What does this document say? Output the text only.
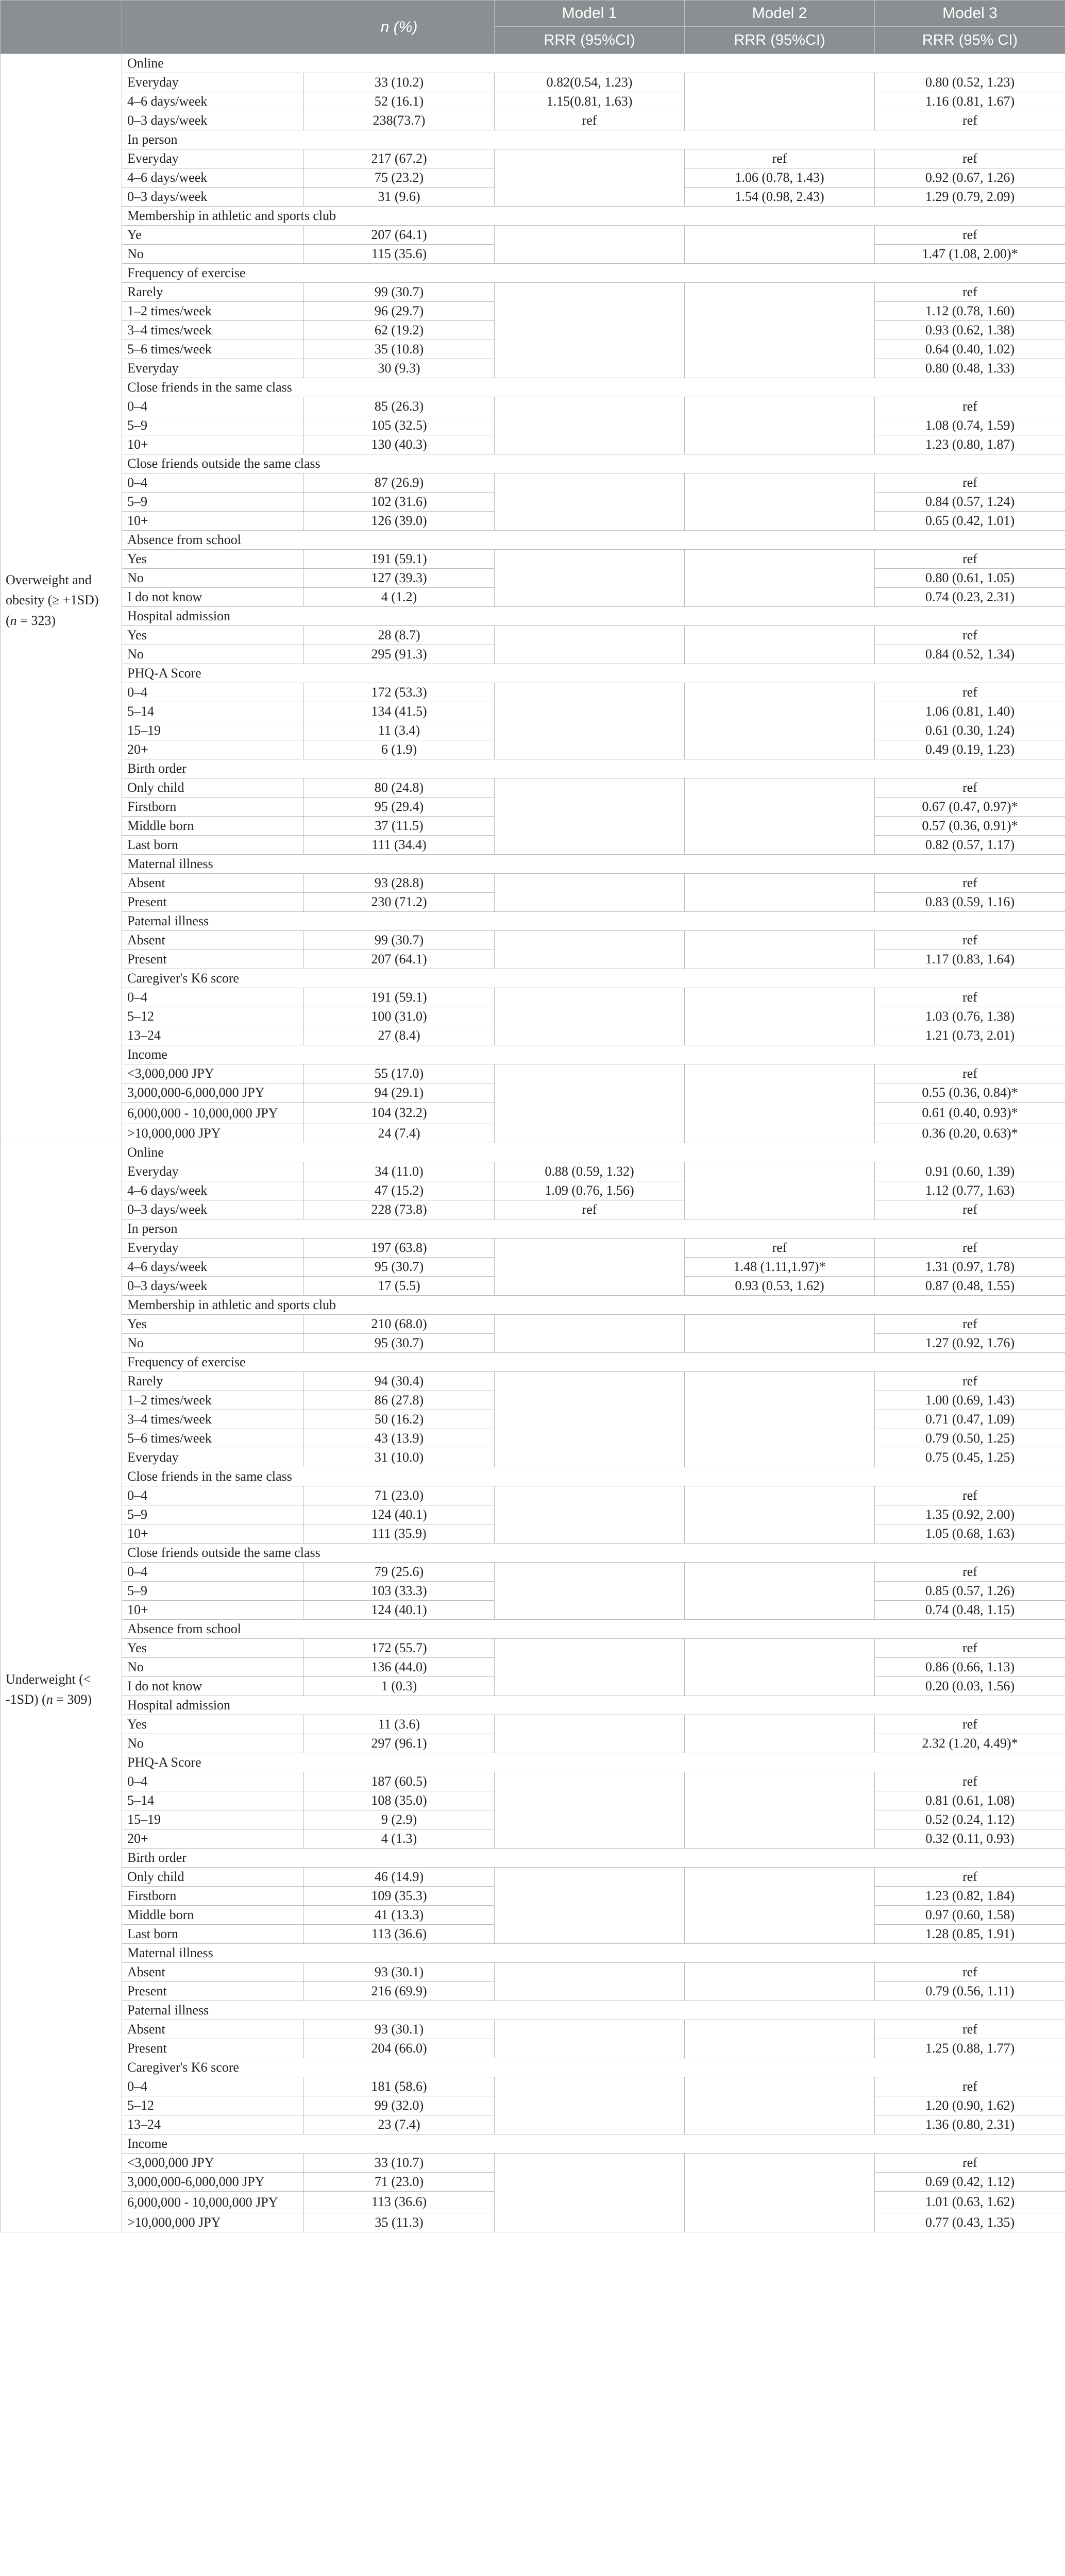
		n (%)	Model 1	Model 2	Model 3
			RRR (95%CI)	RRR (95%CI)	RRR (95% CI)
Overweight and
obesity (≥ +1SD)
(n = 323)	Online				
	Everyday	33 (10.2)	0.82(0.54, 1.23)		0.80 (0.52, 1.23)
	4–6 days/week	52 (16.1)	1.15(0.81, 1.63)		1.16 (0.81, 1.67)
	0–3 days/week	238(73.7)	ref		ref
	In person				
	Everyday	217 (67.2)		ref	ref
	4–6 days/week	75 (23.2)		1.06 (0.78, 1.43)	0.92 (0.67, 1.26)
	0–3 days/week	31 (9.6)		1.54 (0.98, 2.43)	1.29 (0.79, 2.09)
	Membership in athletic and sports club				
	Ye	207 (64.1)			ref
	No	115 (35.6)			1.47 (1.08, 2.00)*
	Frequency of exercise				
	Rarely	99 (30.7)			ref
	1–2 times/week	96 (29.7)			1.12 (0.78, 1.60)
	3–4 times/week	62 (19.2)			0.93 (0.62, 1.38)
	5–6 times/week	35 (10.8)			0.64 (0.40, 1.02)
	Everyday	30 (9.3)			0.80 (0.48, 1.33)
	Close friends in the same class				
	0–4	85 (26.3)			ref
	5–9	105 (32.5)			1.08 (0.74, 1.59)
	10+	130 (40.3)			1.23 (0.80, 1.87)
	Close friends outside the same class				
	0–4	87 (26.9)			ref
	5–9	102 (31.6)			0.84 (0.57, 1.24)
	10+	126 (39.0)			0.65 (0.42, 1.01)
	Absence from school				
	Yes	191 (59.1)			ref
	No	127 (39.3)			0.80 (0.61, 1.05)
	I do not know	4 (1.2)			0.74 (0.23, 2.31)
	Hospital admission				
	Yes	28 (8.7)			ref
	No	295 (91.3)			0.84 (0.52, 1.34)
	PHQ-A Score				
	0–4	172 (53.3)			ref
	5–14	134 (41.5)			1.06 (0.81, 1.40)
	15–19	11 (3.4)			0.61 (0.30, 1.24)
	20+	6 (1.9)			0.49 (0.19, 1.23)
	Birth order				
	Only child	80 (24.8)			ref
	Firstborn	95 (29.4)			0.67 (0.47, 0.97)*
	Middle born	37 (11.5)			0.57 (0.36, 0.91)*
	Last born	111 (34.4)			0.82 (0.57, 1.17)
	Maternal illness				
	Absent	93 (28.8)			ref
	Present	230 (71.2)			0.83 (0.59, 1.16)
	Paternal illness				
	Absent	99 (30.7)			ref
	Present	207 (64.1)			1.17 (0.83, 1.64)
	Caregiver's K6 score				
	0–4	191 (59.1)			ref
	5–12	100 (31.0)			1.03 (0.76, 1.38)
	13–24	27 (8.4)			1.21 (0.73, 2.01)
	Income				
	<3,000,000 JPY	55 (17.0)			ref
	3,000,000-6,000,000 JPY	94 (29.1)			0.55 (0.36, 0.84)*
	6,000,000 - 10,000,000 JPY	104 (32.2)			0.61 (0.40, 0.93)*
	>10,000,000 JPY	24 (7.4)			0.36 (0.20, 0.63)*
Underweight (<
-1SD) (n = 309)	Online				
	Everyday	34 (11.0)	0.88 (0.59, 1.32)		0.91 (0.60, 1.39)
	4–6 days/week	47 (15.2)	1.09 (0.76, 1.56)		1.12 (0.77, 1.63)
	0–3 days/week	228 (73.8)	ref		ref
	In person				
	Everyday	197 (63.8)		ref	ref
	4–6 days/week	95 (30.7)		1.48 (1.11,1.97)*	1.31 (0.97, 1.78)
	0–3 days/week	17 (5.5)		0.93 (0.53, 1.62)	0.87 (0.48, 1.55)
	Membership in athletic and sports club				
	Yes	210 (68.0)			ref
	No	95 (30.7)			1.27 (0.92, 1.76)
	Frequency of exercise				
	Rarely	94 (30.4)			ref
	1–2 times/week	86 (27.8)			1.00 (0.69, 1.43)
	3–4 times/week	50 (16.2)			0.71 (0.47, 1.09)
	5–6 times/week	43 (13.9)			0.79 (0.50, 1.25)
	Everyday	31 (10.0)			0.75 (0.45, 1.25)
	Close friends in the same class				
	0–4	71 (23.0)			ref
	5–9	124 (40.1)			1.35 (0.92, 2.00)
	10+	111 (35.9)			1.05 (0.68, 1.63)
	Close friends outside the same class				
	0–4	79 (25.6)			ref
	5–9	103 (33.3)			0.85 (0.57, 1.26)
	10+	124 (40.1)			0.74 (0.48, 1.15)
	Absence from school				
	Yes	172 (55.7)			ref
	No	136 (44.0)			0.86 (0.66, 1.13)
	I do not know	1 (0.3)			0.20 (0.03, 1.56)
	Hospital admission				
	Yes	11 (3.6)			ref
	No	297 (96.1)			2.32 (1.20, 4.49)*
	PHQ-A Score				
	0–4	187 (60.5)			ref
	5–14	108 (35.0)			0.81 (0.61, 1.08)
	15–19	9 (2.9)			0.52 (0.24, 1.12)
	20+	4 (1.3)			0.32 (0.11, 0.93)
	Birth order				
	Only child	46 (14.9)			ref
	Firstborn	109 (35.3)			1.23 (0.82, 1.84)
	Middle born	41 (13.3)			0.97 (0.60, 1.58)
	Last born	113 (36.6)			1.28 (0.85, 1.91)
	Maternal illness				
	Absent	93 (30.1)			ref
	Present	216 (69.9)			0.79 (0.56, 1.11)
	Paternal illness				
	Absent	93 (30.1)			ref
	Present	204 (66.0)			1.25 (0.88, 1.77)
	Caregiver's K6 score				
	0–4	181 (58.6)			ref
	5–12	99 (32.0)			1.20 (0.90, 1.62)
	13–24	23 (7.4)			1.36 (0.80, 2.31)
	Income				
	<3,000,000 JPY	33 (10.7)			ref
	3,000,000-6,000,000 JPY	71 (23.0)			0.69 (0.42, 1.12)
	6,000,000 - 10,000,000 JPY	113 (36.6)			1.01 (0.63, 1.62)
	>10,000,000 JPY	35 (11.3)			0.77 (0.43, 1.35)
